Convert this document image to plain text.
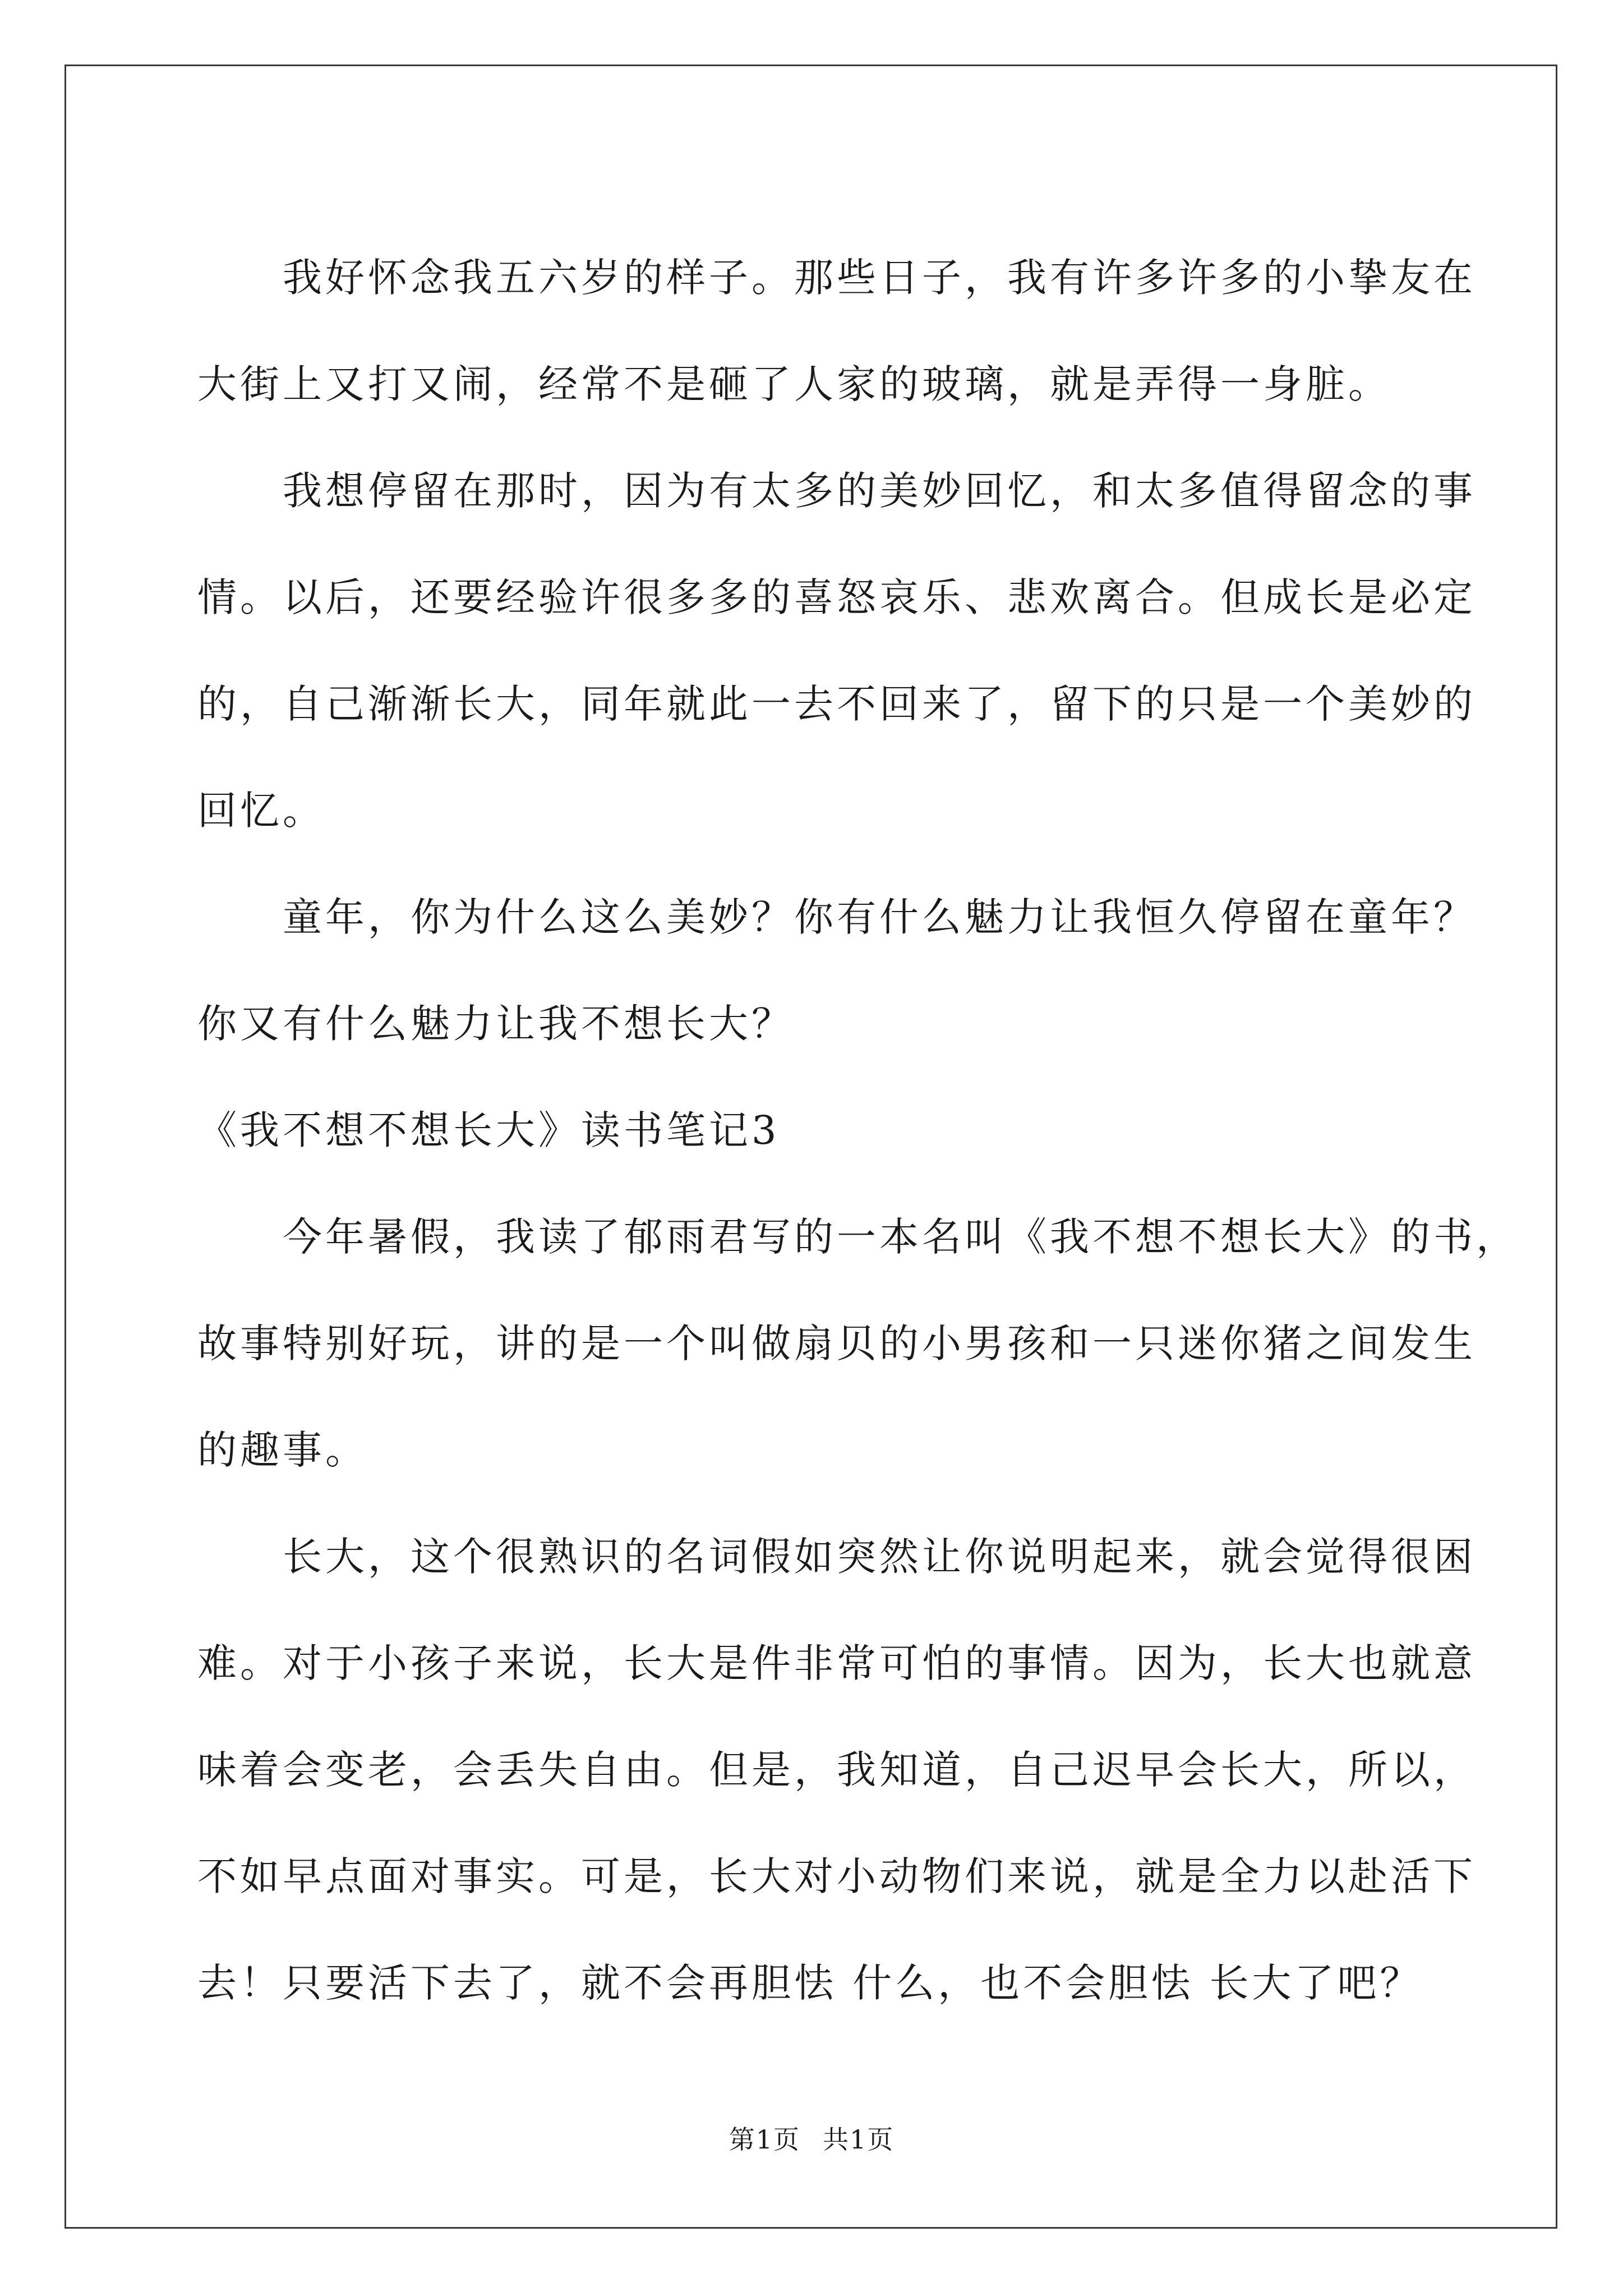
我好怀念我五六岁的样子。那些日子，我有许多许多的小挚友在

大街上又打又闹，经常不是砸了人家的玻璃，就是弄得一身脏。

我想停留在那时，因为有太多的美妙回忆，和太多值得留念的事

情。以后，还要经验许很多多的喜怒哀乐、悲欢离合。但成长是必定

的，自己渐渐长大，同年就此一去不回来了，留下的只是一个美妙的

回忆。

童年，你为什么这么美妙？你有什么魅力让我恒久停留在童年？

你又有什么魅力让我不想长大？

《我不想不想长大》读书笔记3

今年暑假，我读了郁雨君写的一本名叫《我不想不想长大》的书，

故事特别好玩，讲的是一个叫做扇贝的小男孩和一只迷你猪之间发生

的趣事。

长大，这个很熟识的名词假如突然让你说明起来，就会觉得很困

难。对于小孩子来说，长大是件非常可怕的事情。因为，长大也就意

味着会变老，会丢失自由。但是，我知道，自己迟早会长大，所以，

不如早点面对事实。可是，长大对小动物们来说，就是全力以赴活下

去！只要活下去了，就不会再胆怯 什么，也不会胆怯 长大了吧？

第1页 共1页
